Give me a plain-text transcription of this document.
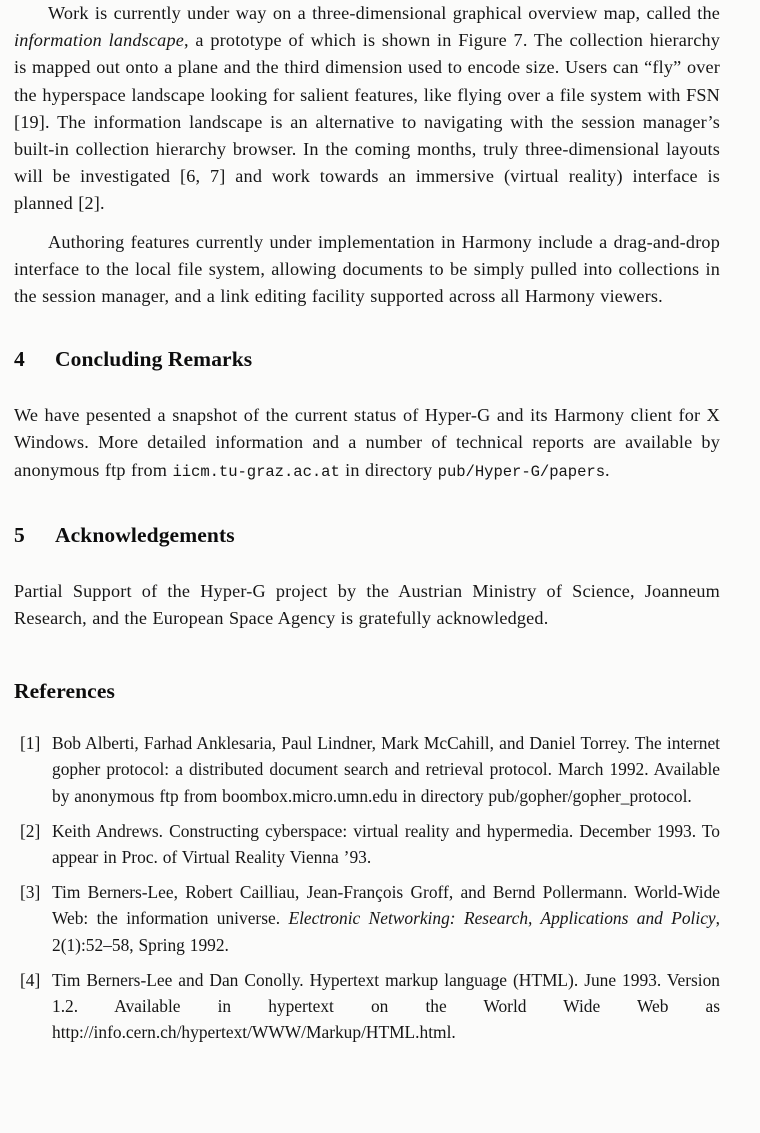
Work is currently under way on a three-dimensional graphical overview map, called the information landscape, a prototype of which is shown in Figure 7. The collection hierarchy is mapped out onto a plane and the third dimension used to encode size. Users can “fly” over the hyperspace landscape looking for salient features, like flying over a file system with FSN [19]. The information landscape is an alternative to navigating with the session manager’s built-in collection hierarchy browser. In the coming months, truly three-dimensional layouts will be investigated [6, 7] and work towards an immersive (virtual reality) interface is planned [2].

Authoring features currently under implementation in Harmony include a drag-and-drop interface to the local file system, allowing documents to be simply pulled into collections in the session manager, and a link editing facility supported across all Harmony viewers.

4	Concluding Remarks

We have pesented a snapshot of the current status of Hyper-G and its Harmony client for X Windows. More detailed information and a number of technical reports are available by anonymous ftp from iicm.tu-graz.ac.at in directory pub/Hyper-G/papers.

5	Acknowledgements

Partial Support of the Hyper-G project by the Austrian Ministry of Science, Joanneum Research, and the European Space Agency is gratefully acknowledged.

References
[1] Bob Alberti, Farhad Anklesaria, Paul Lindner, Mark McCahill, and Daniel Torrey. The internet gopher protocol: a distributed document search and retrieval protocol. March 1992. Available by anonymous ftp from boombox.micro.umn.edu in directory pub/gopher/gopher_protocol.
[2] Keith Andrews. Constructing cyberspace: virtual reality and hypermedia. December 1993. To appear in Proc. of Virtual Reality Vienna ’93.
[3] Tim Berners-Lee, Robert Cailliau, Jean-François Groff, and Bernd Pollermann. World-Wide Web: the information universe. Electronic Networking: Research, Applications and Policy, 2(1):52–58, Spring 1992.
[4] Tim Berners-Lee and Dan Conolly. Hypertext markup language (HTML). June 1993. Version 1.2. Available in hypertext on the World Wide Web as http://info.cern.ch/hypertext/WWW/Markup/HTML.html.
